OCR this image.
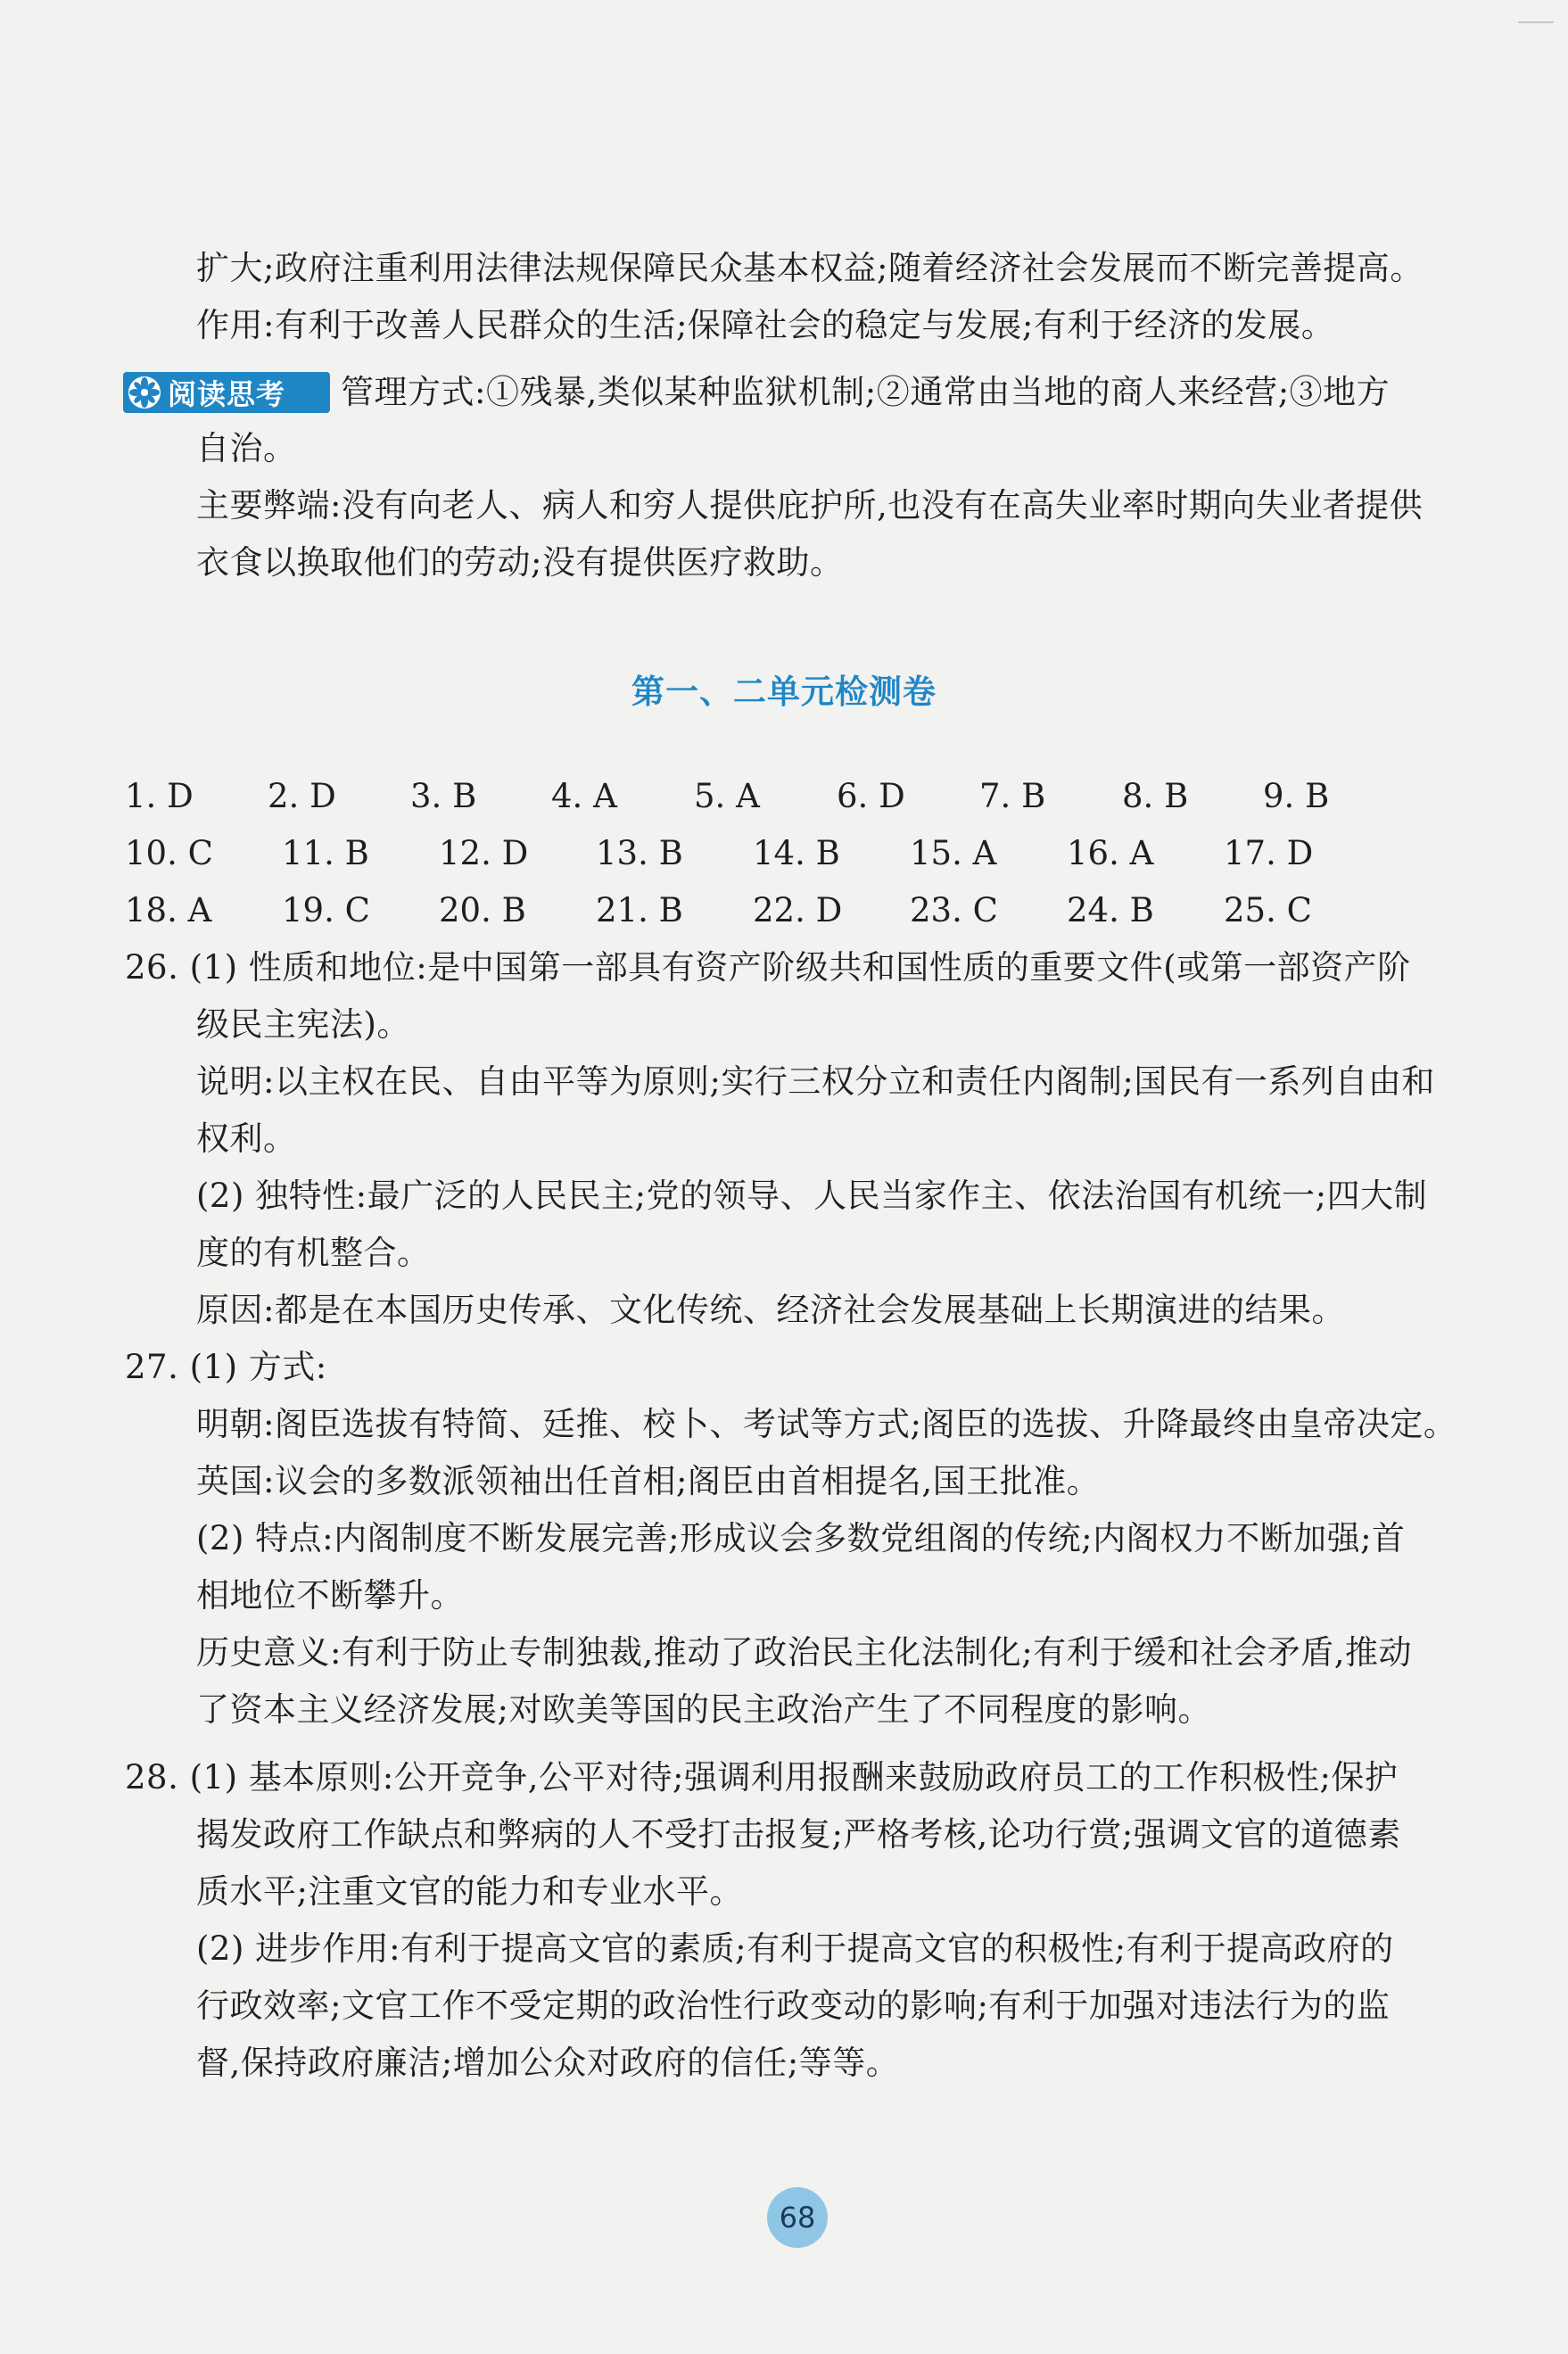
扩大;政府注重利用法律法规保障民众基本权益;随着经济社会发展而不断完善提高。
作用:有利于改善人民群众的生活;保障社会的稳定与发展;有利于经济的发展。
阅读思考 管理方式:①残暴,类似某种监狱机制;②通常由当地的商人来经营;③地方
自治。
主要弊端:没有向老人、病人和穷人提供庇护所,也没有在高失业率时期向失业者提供
衣食以换取他们的劳动;没有提供医疗救助。
第一、二单元检测卷
1. D 2. D 3. B 4. A 5. A 6. D 7. B 8. B 9. B
10. C 11. B 12. D 13. B 14. B 15. A 16. A 17. D
18. A 19. C 20. B 21. B 22. D 23. C 24. B 25. C
26. (1) 性质和地位:是中国第一部具有资产阶级共和国性质的重要文件(或第一部资产阶
级民主宪法)。
说明:以主权在民、自由平等为原则;实行三权分立和责任内阁制;国民有一系列自由和
权利。
(2) 独特性:最广泛的人民民主;党的领导、人民当家作主、依法治国有机统一;四大制
度的有机整合。
原因:都是在本国历史传承、文化传统、经济社会发展基础上长期演进的结果。
27. (1) 方式:
明朝:阁臣选拔有特简、廷推、校卜、考试等方式;阁臣的选拔、升降最终由皇帝决定。
英国:议会的多数派领袖出任首相;阁臣由首相提名,国王批准。
(2) 特点:内阁制度不断发展完善;形成议会多数党组阁的传统;内阁权力不断加强;首
相地位不断攀升。
历史意义:有利于防止专制独裁,推动了政治民主化法制化;有利于缓和社会矛盾,推动
了资本主义经济发展;对欧美等国的民主政治产生了不同程度的影响。
28. (1) 基本原则:公开竞争,公平对待;强调利用报酬来鼓励政府员工的工作积极性;保护
揭发政府工作缺点和弊病的人不受打击报复;严格考核,论功行赏;强调文官的道德素
质水平;注重文官的能力和专业水平。
(2) 进步作用:有利于提高文官的素质;有利于提高文官的积极性;有利于提高政府的
行政效率;文官工作不受定期的政治性行政变动的影响;有利于加强对违法行为的监
督,保持政府廉洁;增加公众对政府的信任;等等。
68
